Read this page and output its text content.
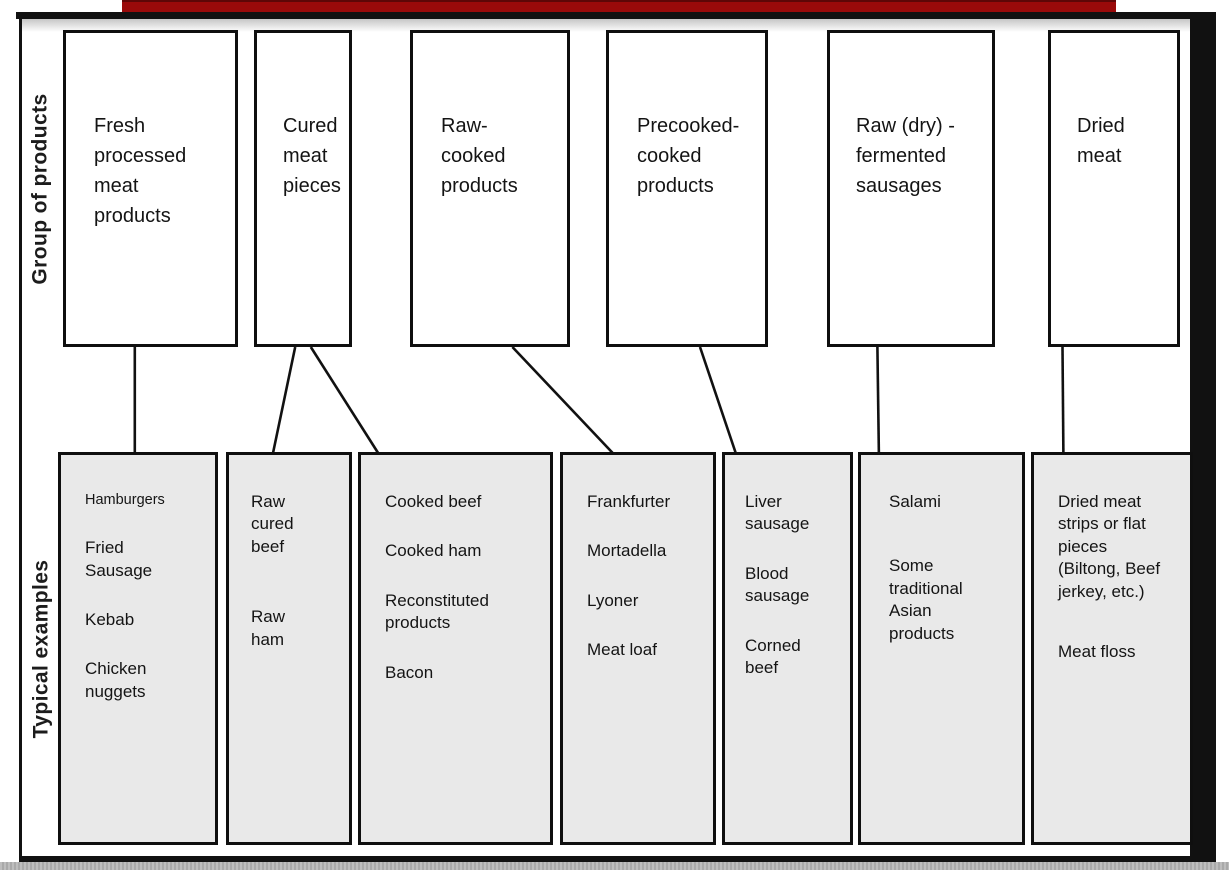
Group of products
Typical examples
Fresh processed meat products
Cured meat pieces
Raw-cooked products
Precooked-cooked products
Raw (dry) - fermented sausages
Dried meat

Hamburgers

Fried Sausage

Kebab

Chicken nuggets

Raw cured beef

Raw ham

Cooked beef

Cooked ham

Reconstituted products

Bacon

Frankfurter

Mortadella

Lyoner

Meat loaf

Liver sausage

Blood sausage

Corned beef

Salami

Some traditional Asian products

Dried meat strips or flat pieces (Biltong, Beef jerkey, etc.)

Meat floss
